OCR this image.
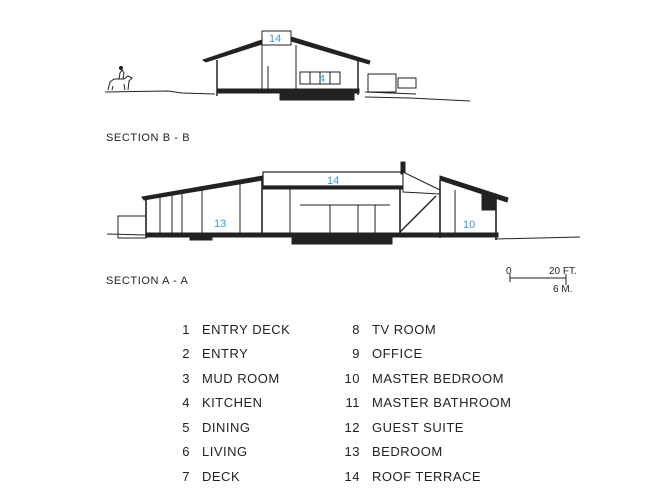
14
4
14
13	10
0	20 FT.
6 M.
SECTION B - B
SECTION A - A
1 ENTRY DECK
2 ENTRY
3 MUD ROOM
4 KITCHEN
5 DINING
6 LIVING
7 DECK
8 TV ROOM
9 OFFICE
10 MASTER BEDROOM
11 MASTER BATHROOM
12 GUEST SUITE
13 BEDROOM
14 ROOF TERRACE
